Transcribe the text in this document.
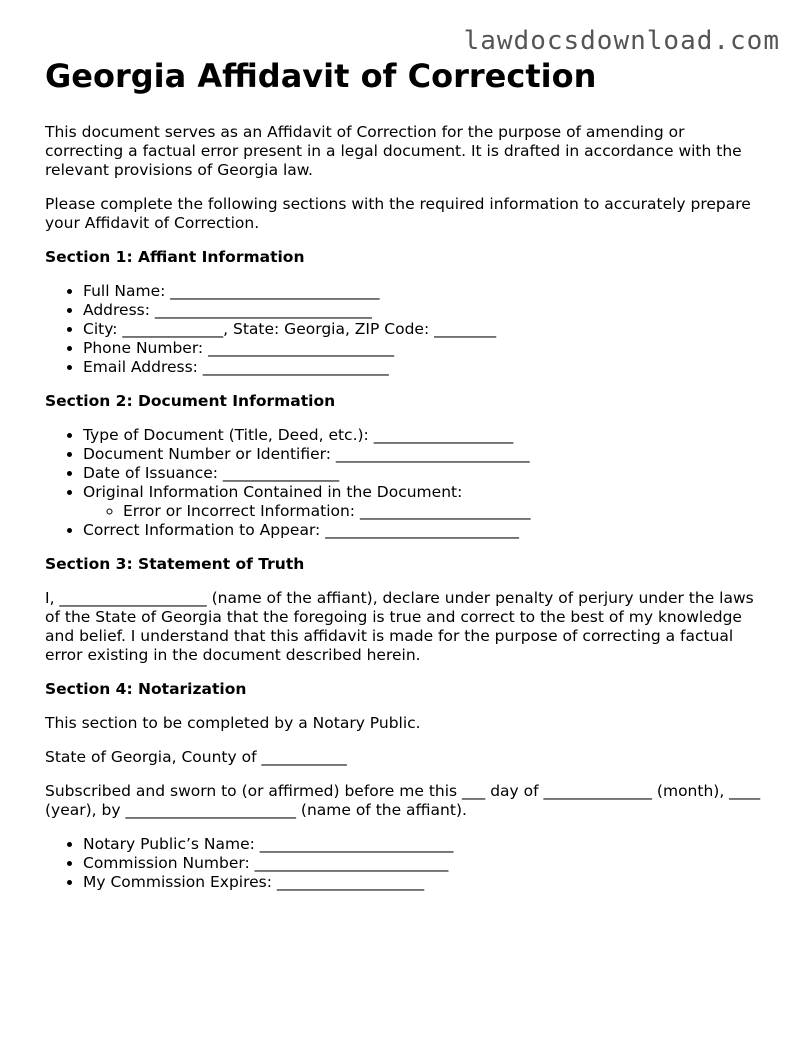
lawdocsdownload.com
Georgia Affidavit of Correction

This document serves as an Affidavit of Correction for the purpose of amending or correcting a factual error present in a legal document. It is drafted in accordance with the relevant provisions of Georgia law.

Please complete the following sections with the required information to accurately prepare your Affidavit of Correction.

Section 1: Affiant Information
• Full Name: ___________________________
• Address: ____________________________
• City: _____________, State: Georgia, ZIP Code: ________
• Phone Number: ________________________
• Email Address: ________________________
Section 2: Document Information
• Type of Document (Title, Deed, etc.): __________________
• Document Number or Identifier: _________________________
• Date of Issuance: _______________
• Original Information Contained in the Document:
◦ Error or Incorrect Information: ______________________
• Correct Information to Appear: _________________________
Section 3: Statement of Truth

I, ___________________ (name of the affiant), declare under penalty of perjury under the laws of the State of Georgia that the foregoing is true and correct to the best of my knowledge and belief. I understand that this affidavit is made for the purpose of correcting a factual error existing in the document described herein.

Section 4: Notarization

This section to be completed by a Notary Public.

State of Georgia, County of ___________

Subscribed and sworn to (or affirmed) before me this ___ day of ______________ (month), ____ (year), by ______________________ (name of the affiant).

• Notary Public’s Name: _________________________
• Commission Number: _________________________
• My Commission Expires: ___________________
